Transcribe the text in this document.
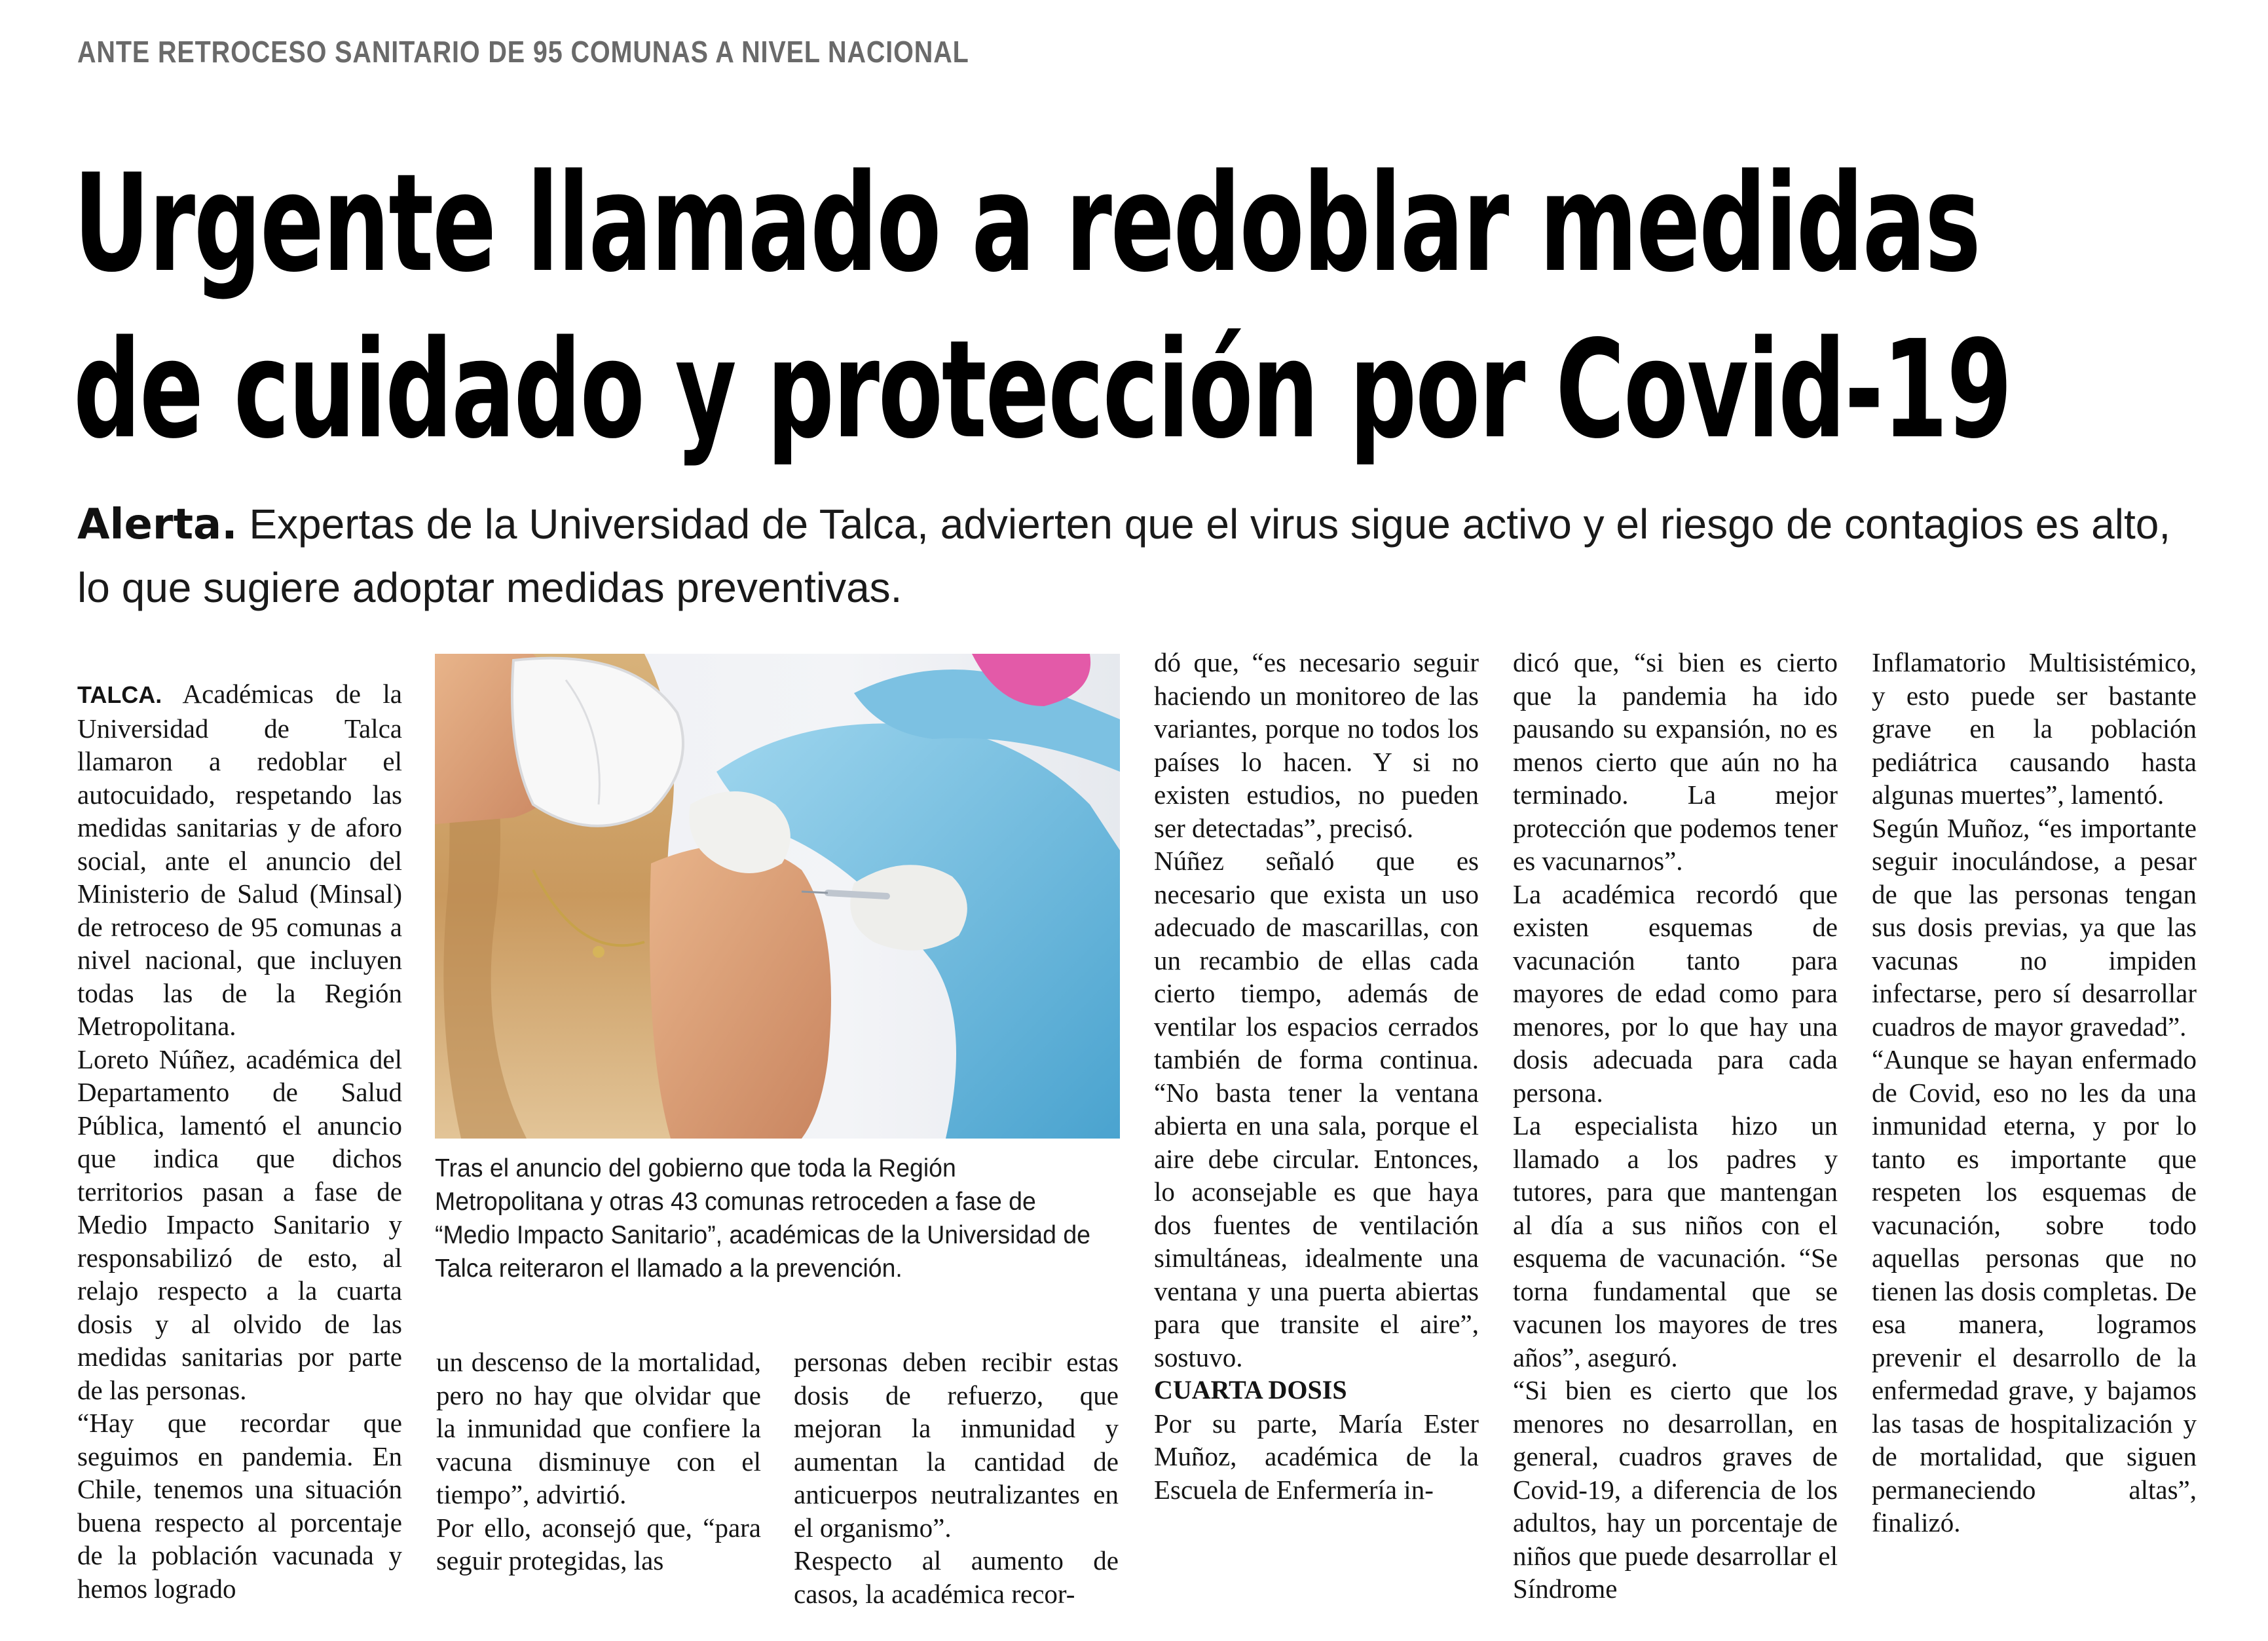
ANTE RETROCESO SANITARIO DE 95 COMUNAS A NIVEL NACIONAL
Urgente llamado a redoblar medidas
de cuidado y protección por Covid-19
Alerta. Expertas de la Universidad de Talca, advierten que el virus sigue activo y el riesgo de contagios es alto, lo que sugiere adoptar medidas preventivas.

TALCA. Académicas de la Universidad de Talca llamaron a redoblar el autocuidado, respetando las medidas sanitarias y de aforo social, ante el anuncio del Ministerio de Salud (Minsal) de retroceso de 95 comunas a nivel nacional, que incluyen todas las de la Región Metropolitana.

Loreto Núñez, académica del Departamento de Salud Pública, lamentó el anuncio que indica que dichos territorios pasan a fase de Medio Impacto Sanitario y responsabilizó de esto, al relajo respecto a la cuarta dosis y al olvido de las medidas sanitarias por parte de las personas.

“Hay que recordar que seguimos en pandemia. En Chile, tenemos una situación buena respecto al porcentaje de la población vacunada y hemos logrado

Tras el anuncio del gobierno que toda la Región Metropolitana y otras 43 comunas retroceden a fase de “Medio Impacto Sanitario”, académicas de la Universidad de Talca reiteraron el llamado a la prevención.

un descenso de la mortalidad, pero no hay que olvidar que la inmunidad que confiere la vacuna disminuye con el tiempo”, advirtió.

Por ello, aconsejó que, “para seguir protegidas, las

personas deben recibir estas dosis de refuerzo, que mejoran la inmunidad y aumentan la cantidad de anticuerpos neutralizantes en el organismo”.

Respecto al aumento de casos, la académica recor-

dó que, “es necesario seguir haciendo un monitoreo de las variantes, porque no todos los países lo hacen. Y si no existen estudios, no pueden ser detectadas”, precisó.

Núñez señaló que es necesario que exista un uso adecuado de mascarillas, con un recambio de ellas cada cierto tiempo, además de ventilar los espacios cerrados también de forma continua. “No basta tener la ventana abierta en una sala, porque el aire debe circular. Entonces, lo aconsejable es que haya dos fuentes de ventilación simultáneas, idealmente una ventana y una puerta abiertas para que transite el aire”, sostuvo.

CUARTA DOSIS

Por su parte, María Ester Muñoz, académica de la Escuela de Enfermería in-

dicó que, “si bien es cierto que la pandemia ha ido pausando su expansión, no es menos cierto que aún no ha terminado. La mejor protección que podemos tener es vacunarnos”.

La académica recordó que existen esquemas de vacunación tanto para mayores de edad como para menores, por lo que hay una dosis adecuada para cada persona.

La especialista hizo un llamado a los padres y tutores, para que mantengan al día a sus niños con el esquema de vacunación. “Se torna fundamental que se vacunen los mayores de tres años”, aseguró.

“Si bien es cierto que los menores no desarrollan, en general, cuadros graves de Covid-19, a diferencia de los adultos, hay un porcentaje de niños que puede desarrollar el Síndrome

Inflamatorio Multisistémico, y esto puede ser bastante grave en la población pediátrica causando hasta algunas muertes”, lamentó.

Según Muñoz, “es importante seguir inoculándose, a pesar de que las personas tengan sus dosis previas, ya que las vacunas no impiden infectarse, pero sí desarrollar cuadros de mayor gravedad”.

“Aunque se hayan enfermado de Covid, eso no les da una inmunidad eterna, y por lo tanto es importante que respeten los esquemas de vacunación, sobre todo aquellas personas que no tienen las dosis completas. De esa manera, logramos prevenir el desarrollo de la enfermedad grave, y bajamos las tasas de hospitalización y de mortalidad, que siguen permaneciendo altas”, finalizó.
